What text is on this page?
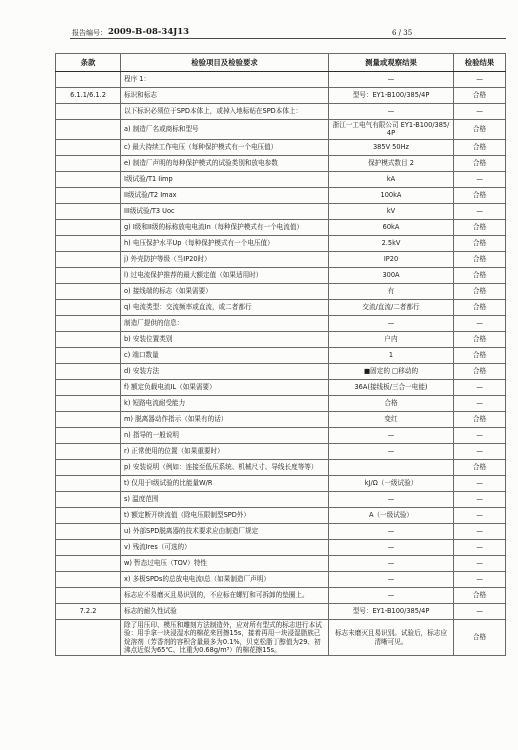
报告编号： 2009-B-08-34J13	6 / 35
条款	检验项目及检验要求	测量或观察结果	检验结果
	程序 1：	—	—
6.1.1/6.1.2	标识和标志	型号：EY1-B100/385/4P	合格
	以下标识必须位于SPD本体上，或掉入地标贴在SPD本体上：	—	—
	a) 制造厂名或商标和型号	浙江一工电气有限公司 EY1-B100/385/4P	合格
	c) 最大持续工作电压（每种保护模式有一个电压值）	385V 50Hz	合格
	e) 制造厂声明的每种保护模式的试验类别和放电参数	保护模式数目 2	合格
	I级试验/T1 Iimp	kA	—
	II级试验/T2 Imax	100kA	合格
	III级试验/T3 Uoc	kV	—
	g) I级和II级的标称放电电流In（每种保护模式有一个电流值）	60kA	合格
	h) 电压保护水平Up（每种保护模式有一个电压值）	2.5kV	合格
	j) 外壳防护等级（当IP20时）	IP20	合格
	l) 过电流保护推荐的最大额定值（如果适用时）	300A	合格
	o) 接线端的标志（如果需要）	有	合格
	q) 电流类型：交流频率或直流，或二者都行	交流/直流/二者都行	合格
	制造厂提供的信息：	—	—
	b) 安装位置类别	户内	合格
	c) 端口数量	1	合格
	d) 安装方法	■固定的 □移动的	合格
	f) 额定负载电流IL（如果需要）	36A(接线板/三合一电能)	—
	k) 短路电流耐受能力	合格	—
	m) 脱离器动作指示（如果有的话）	变红	合格
	n) 指导的一般说明	—	—
	r) 正常使用的位置（如果重要时）	—	—
	p) 安装说明（例如：连接至低压系统、机械尺寸、导线长度等等）		合格
	t) 仅用于I级试验的比能量W/R	kJ/Ω（一级试验）	—
	s) 温度范围	—	—
	t) 额定断开续流值（除电压限制型SPD外）	A（一级试验）	—
	u) 外部SPD脱离器的技术要求应由制造厂规定	—	—
	v) 残流Ires（可选的）	—	—
	w) 暂态过电压（TOV）特性	—	—
	x) 多极SPDs的总放电电流I总（如果制造厂声明）	—	—
	标志应不易磨灭且易识别的，不应标在螺钉和可拆卸的垫圈上。	—	合格
7.2.2	标志的耐久性试验	型号：EY1-B100/385/4P	—
	除了用压印、模压和雕刻方法制造外，应对所有型式的标志进行本试验：用手拿一块浸湿水的棉花来回擦15s，接着再用一块浸湿脂族己烷溶剂（芳香剂的容积含量最多为0.1%，贝克松脂丁醇值为29、初沸点近似为65℃、比重为0.68g/m³）的棉花擦15s。	标志未磨灭且易识别。试验后，标志应清晰可见。	合格
